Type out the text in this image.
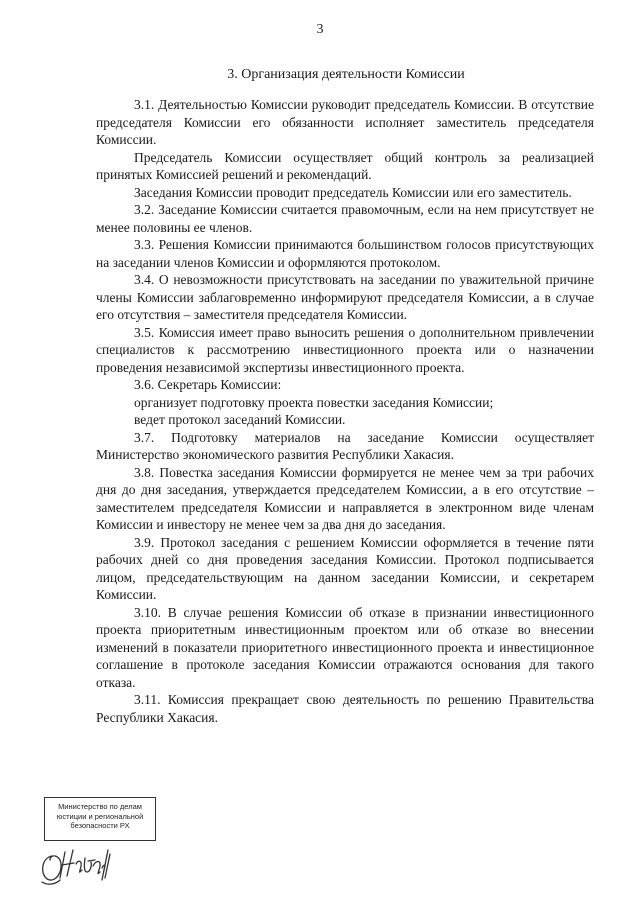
3
3. Организация деятельности Комиссии

3.1. Деятельностью Комиссии руководит председатель Комиссии. В отсутствие председателя Комиссии его обязанности исполняет заместитель председателя Комиссии.

Председатель Комиссии осуществляет общий контроль за реализацией принятых Комиссией решений и рекомендаций.

Заседания Комиссии проводит председатель Комиссии или его заместитель.

3.2. Заседание Комиссии считается правомочным, если на нем присутствует не менее половины ее членов.

3.3. Решения Комиссии принимаются большинством голосов присутствующих на заседании членов Комиссии и оформляются протоколом.

3.4. О невозможности присутствовать на заседании по уважительной причине члены Комиссии заблаговременно информируют председателя Комиссии, а в случае его отсутствия – заместителя председателя Комиссии.

3.5. Комиссия имеет право выносить решения о дополнительном привлечении специалистов к рассмотрению инвестиционного проекта или о назначении проведения независимой экспертизы инвестиционного проекта.

3.6. Секретарь Комиссии:

организует подготовку проекта повестки заседания Комиссии;

ведет протокол заседаний Комиссии.

3.7. Подготовку материалов на заседание Комиссии осуществляет Министерство экономического развития Республики Хакасия.

3.8. Повестка заседания Комиссии формируется не менее чем за три рабочих дня до дня заседания, утверждается председателем Комиссии, а в его отсутствие – заместителем председателя Комиссии и направляется в электронном виде членам Комиссии и инвестору не менее чем за два дня до заседания.

3.9. Протокол заседания с решением Комиссии оформляется в течение пяти рабочих дней со дня проведения заседания Комиссии. Протокол подписывается лицом, председательствующим на данном заседании Комиссии, и секретарем Комиссии.

3.10. В случае решения Комиссии об отказе в признании инвестиционного проекта приоритетным инвестиционным проектом или об отказе во внесении изменений в показатели приоритетного инвестиционного проекта и инвестиционное соглашение в протоколе заседания Комиссии отражаются основания для такого отказа.

3.11. Комиссия прекращает свою деятельность по решению Правительства Республики Хакасия.

Министерство по делам
юстиции и региональной
безопасности РХ
